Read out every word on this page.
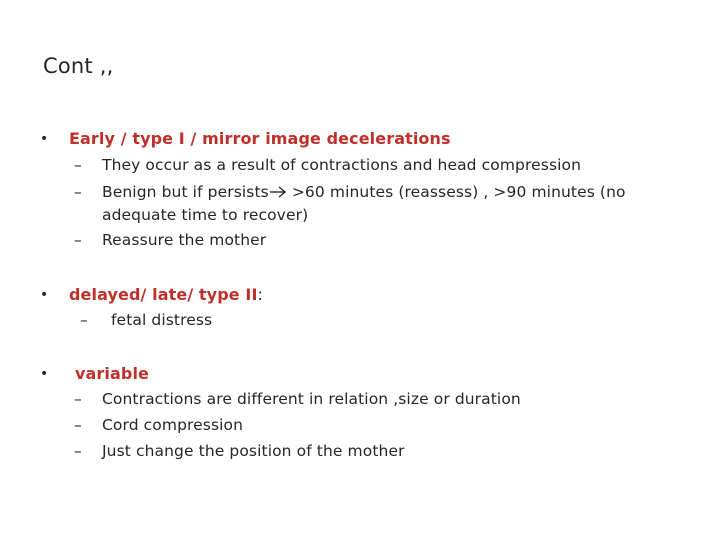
Cont ,,
• Early / type I / mirror image decelerations
– They occur as a result of contractions and head compression
– Benign but if persists >60 minutes (reassess) , >90 minutes (no
adequate time to recover)
– Reassure the mother
• delayed/ late/ type II:
– fetal distress
• variable
– Contractions are different in relation ,size or duration
– Cord compression
– Just change the position of the mother
